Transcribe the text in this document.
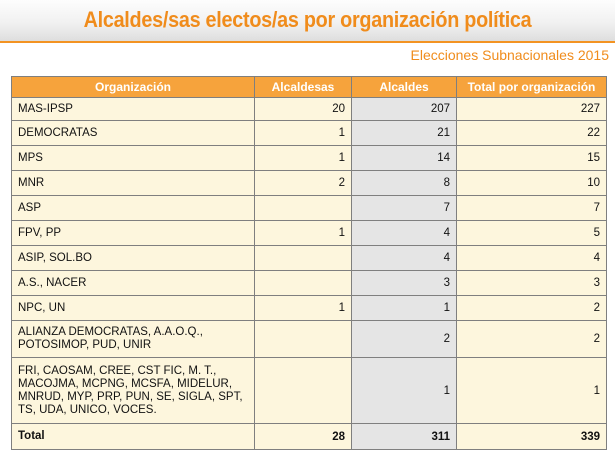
Alcaldes/sas electos/as por organización política
Elecciones Subnacionales 2015
Organización	Alcaldesas	Alcaldes	Total por organización
MAS-IPSP	20	207	227
DEMOCRATAS	1	21	22
MPS	1	14	15
MNR	2	8	10
ASP		7	7
FPV, PP	1	4	5
ASIP, SOL.BO		4	4
A.S., NACER		3	3
NPC, UN	1	1	2
ALIANZA DEMOCRATAS, A.A.O.Q., POTOSIMOP, PUD, UNIR		2	2
FRI, CAOSAM, CREE, CST FIC, M. T., MACOJMA, MCPNG, MCSFA, MIDELUR, MNRUD, MYP, PRP, PUN, SE, SIGLA, SPT, TS, UDA, UNICO, VOCES.		1	1
Total	28	311	339
